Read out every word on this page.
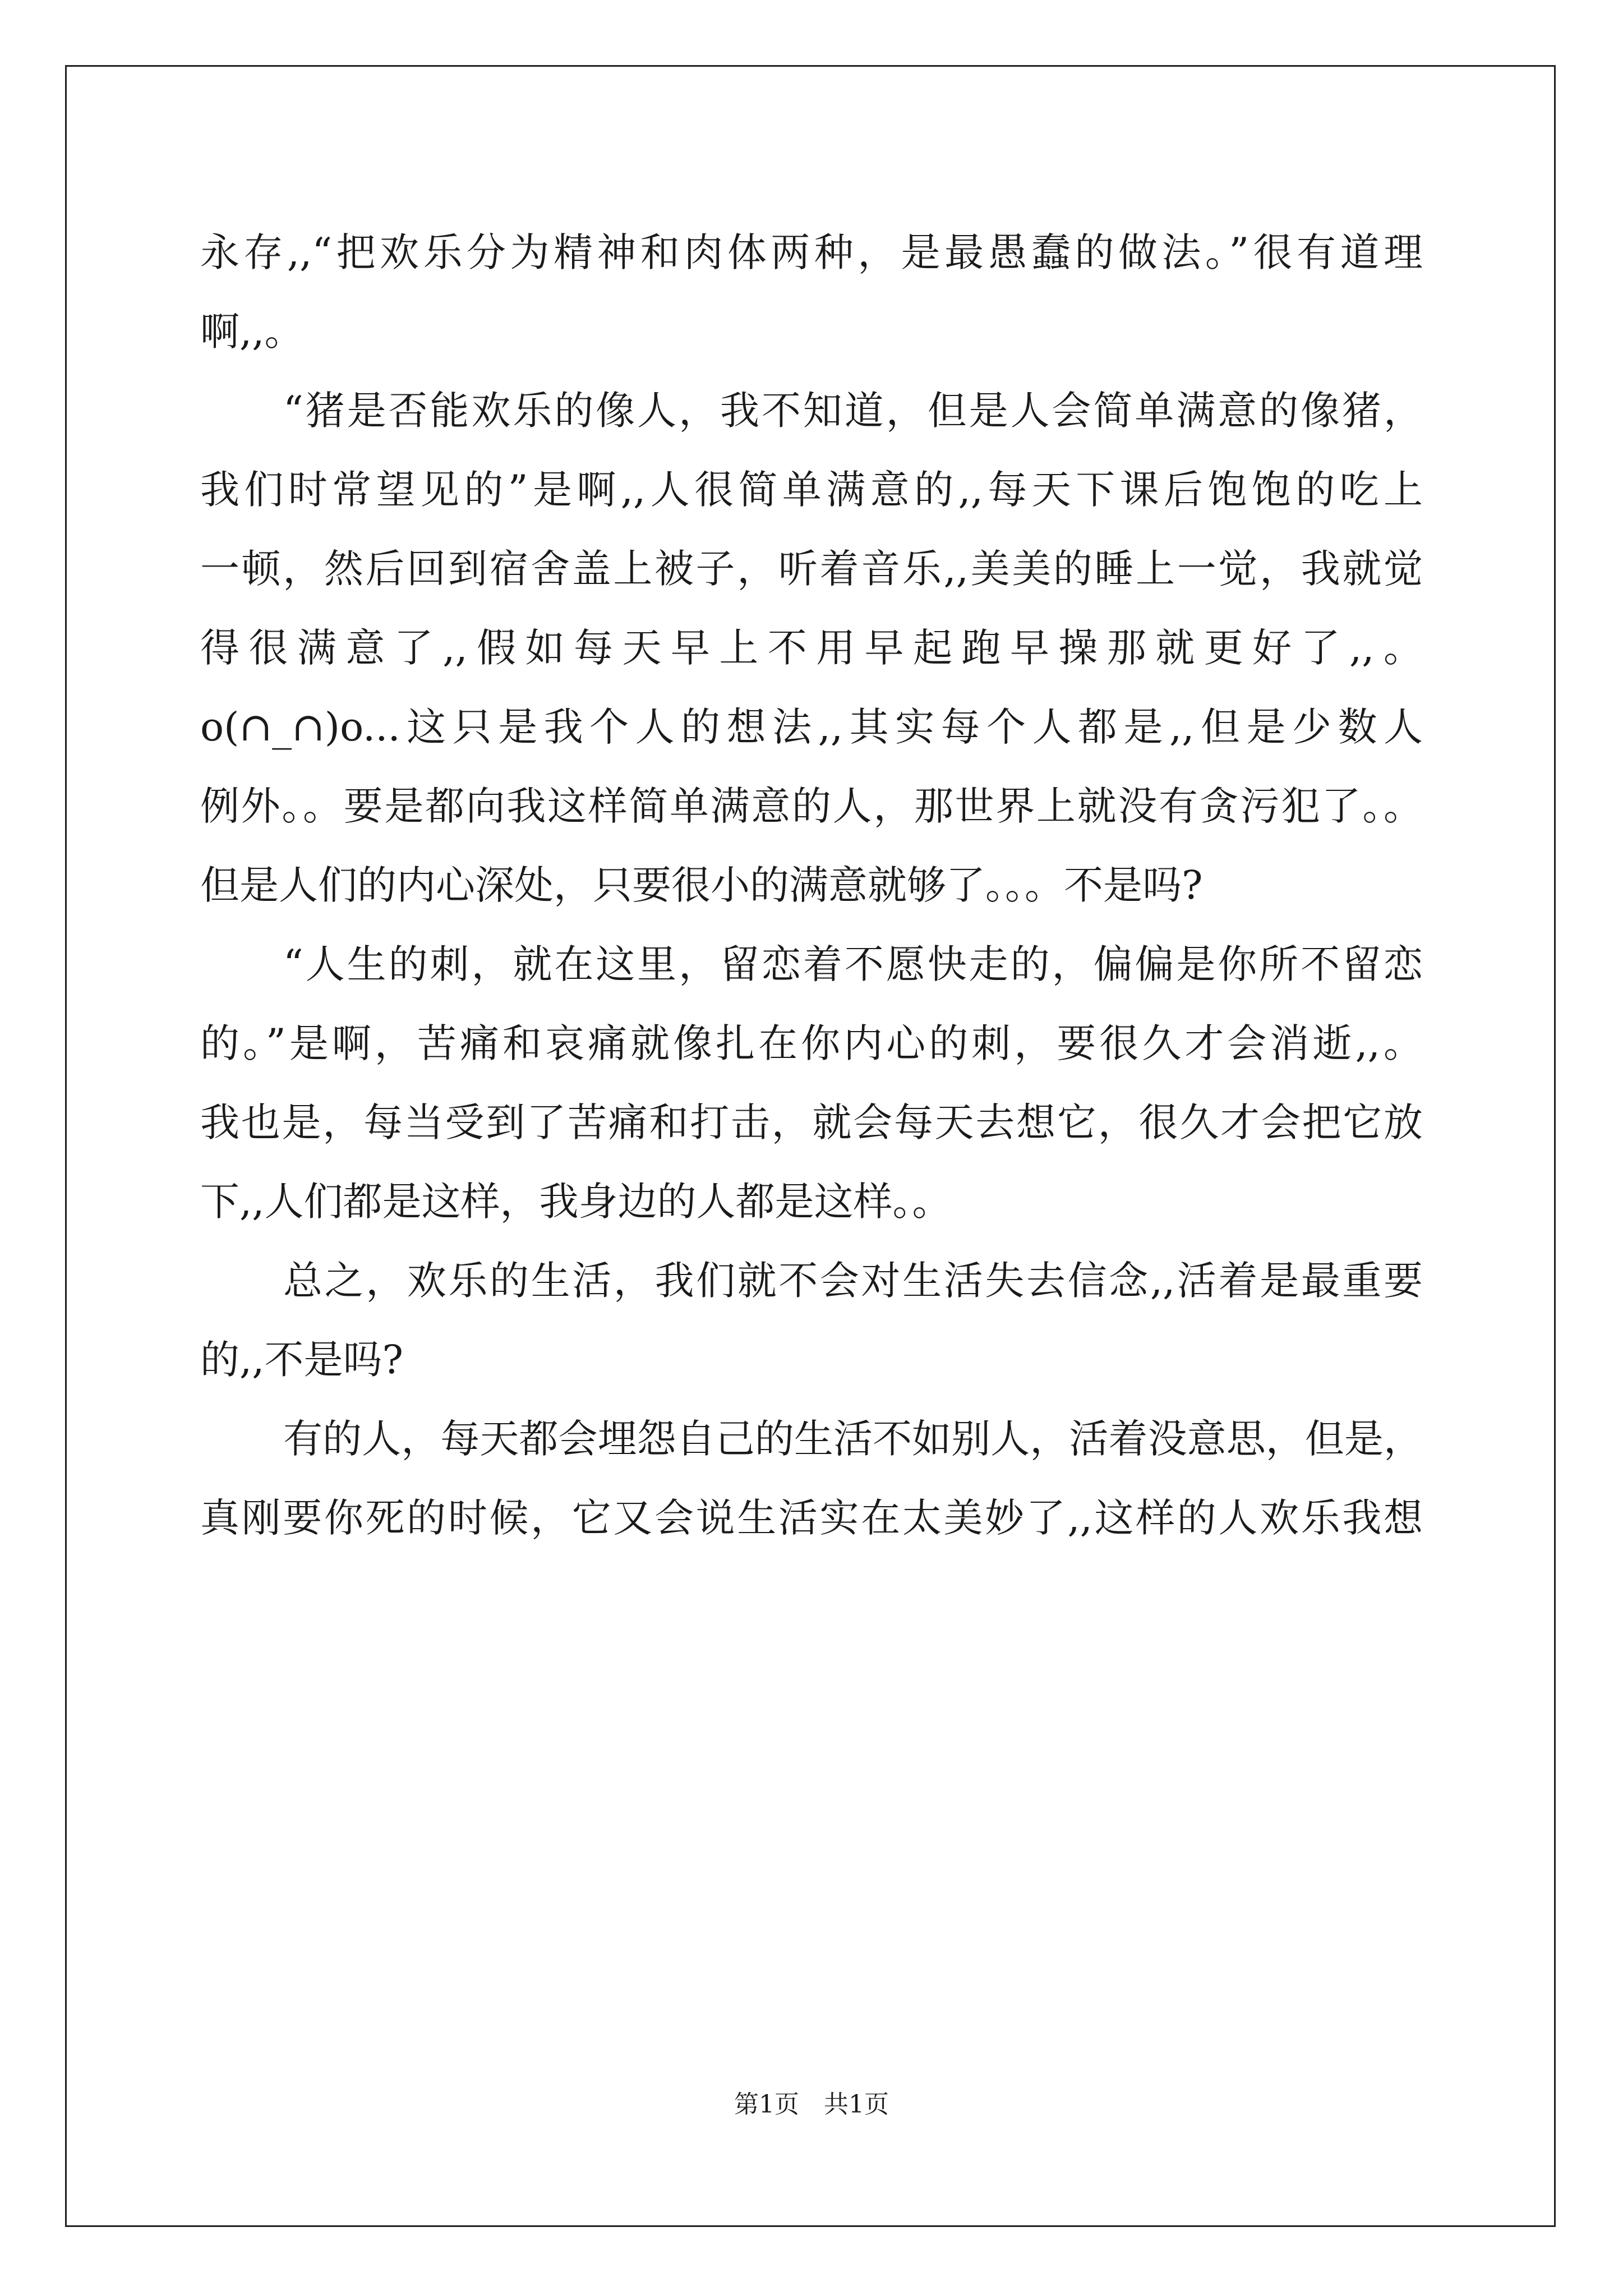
永存,,“把欢乐分为精神和肉体两种，是最愚蠢的做法。”很有道理
啊,,。
“猪是否能欢乐的像人，我不知道，但是人会简单满意的像猪，
我们时常望见的”是啊,,人很简单满意的,,每天下课后饱饱的吃上
一顿，然后回到宿舍盖上被子，听着音乐,,美美的睡上一觉，我就觉
得很满意了,,假如每天早上不用早起跑早操那就更好了,,。
o(∩_∩)o...这只是我个人的想法,,其实每个人都是,,但是少数人
例外。。要是都向我这样简单满意的人，那世界上就没有贪污犯了。。
但是人们的内心深处，只要很小的满意就够了。。。不是吗?
“人生的刺，就在这里，留恋着不愿快走的，偏偏是你所不留恋
的。”是啊，苦痛和哀痛就像扎在你内心的刺，要很久才会消逝,,。
我也是，每当受到了苦痛和打击，就会每天去想它，很久才会把它放
下,,人们都是这样，我身边的人都是这样。。
总之，欢乐的生活，我们就不会对生活失去信念,,活着是最重要
的,,不是吗?
有的人，每天都会埋怨自己的生活不如别人，活着没意思，但是，
真刚要你死的时候，它又会说生活实在太美妙了,,这样的人欢乐我想
第1页　共1页
